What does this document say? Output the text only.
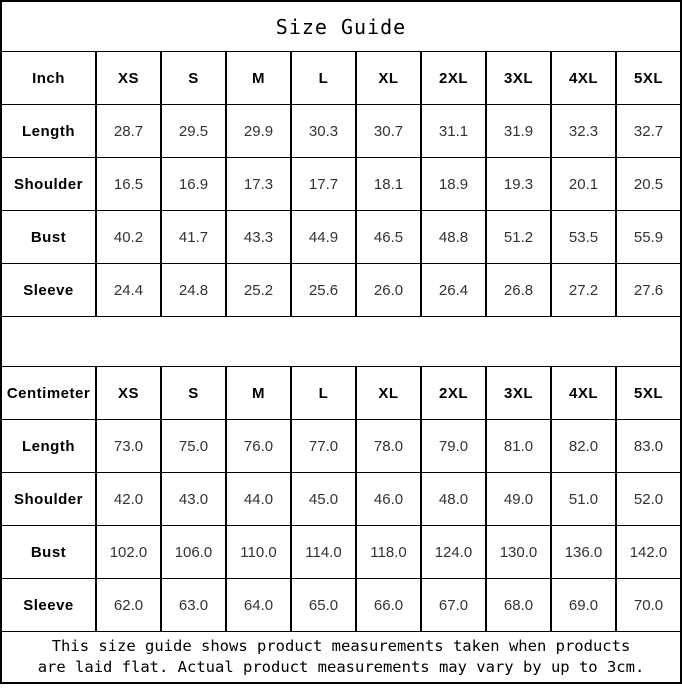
Size Guide									
Inch	XS	S	M	L	XL	2XL	3XL	4XL	5XL
Length	28.7	29.5	29.9	30.3	30.7	31.1	31.9	32.3	32.7
Shoulder	16.5	16.9	17.3	17.7	18.1	18.9	19.3	20.1	20.5
Bust	40.2	41.7	43.3	44.9	46.5	48.8	51.2	53.5	55.9
Sleeve	24.4	24.8	25.2	25.6	26.0	26.4	26.8	27.2	27.6

Centimeter	XS	S	M	L	XL	2XL	3XL	4XL	5XL
Length	73.0	75.0	76.0	77.0	78.0	79.0	81.0	82.0	83.0
Shoulder	42.0	43.0	44.0	45.0	46.0	48.0	49.0	51.0	52.0
Bust	102.0	106.0	110.0	114.0	118.0	124.0	130.0	136.0	142.0
Sleeve	62.0	63.0	64.0	65.0	66.0	67.0	68.0	69.0	70.0

This size guide shows product measurements taken when products
are laid flat. Actual product measurements may vary by up to 3cm.									
